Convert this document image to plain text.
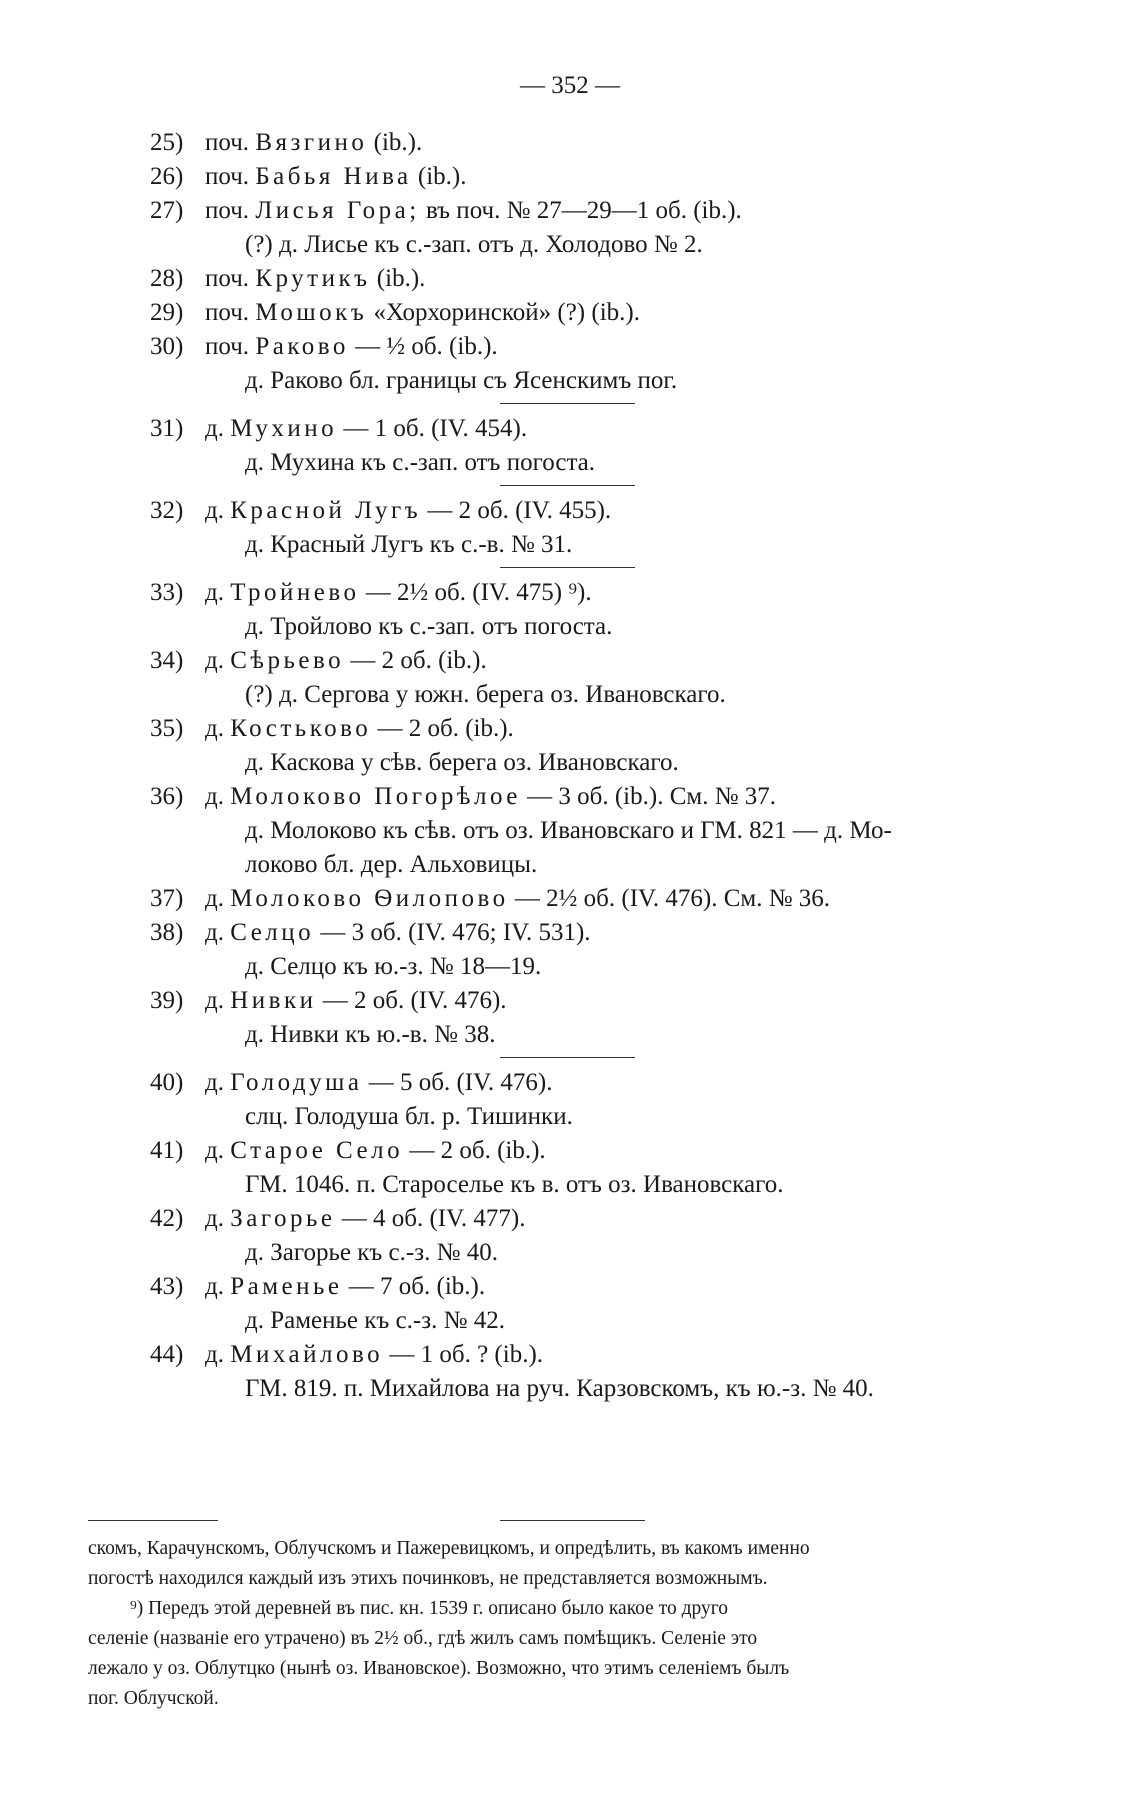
— 352 —
25) поч. Вязгино (ib.).
26) поч. Бабья Нива (ib.).
27) поч. Лисья Гора; въ поч. № 27—29—1 об. (ib.).
(?) д. Лисье къ с.-зап. отъ д. Холодово № 2.
28) поч. Крутикъ (ib.).
29) поч. Мошокъ «Хорхоринской» (?) (ib.).
30) поч. Раково — ½ об. (ib.).
д. Раково бл. границы съ Ясенскимъ пог.
31) д. Мухино — 1 об. (IV. 454).
д. Мухина къ с.-зап. отъ погоста.
32) д. Красной Лугъ — 2 об. (IV. 455).
д. Красный Лугъ къ с.-в. № 31.
33) д. Тройнево — 2½ об. (IV. 475) ⁹).
д. Тройлово къ с.-зап. отъ погоста.
34) д. Сѣрьево — 2 об. (ib.).
(?) д. Сергова у южн. берега оз. Ивановскаго.
35) д. Костьково — 2 об. (ib.).
д. Каскова у сѣв. берега оз. Ивановскаго.
36) д. Молоково Погорѣлое — 3 об. (ib.). См. № 37.
д. Молоково къ сѣв. отъ оз. Ивановскаго и ГМ. 821 — д. Мо-
локово бл. дер. Альховицы.
37) д. Молоково Ѳилопово — 2½ об. (IV. 476). См. № 36.
38) д. Селцо — 3 об. (IV. 476; IV. 531).
д. Селцо къ ю.-з. № 18—19.
39) д. Нивки — 2 об. (IV. 476).
д. Нивки къ ю.-в. № 38.
40) д. Голодуша — 5 об. (IV. 476).
слц. Голодуша бл. р. Тишинки.
41) д. Старое Село — 2 об. (ib.).
ГМ. 1046. п. Староселье къ в. отъ оз. Ивановскаго.
42) д. Загорье — 4 об. (IV. 477).
д. Загорье къ с.-з. № 40.
43) д. Раменье — 7 об. (ib.).
д. Раменье къ с.-з. № 42.
44) д. Михайлово — 1 об. ? (ib.).
ГМ. 819. п. Михайлова на руч. Карзовскомъ, къ ю.-з. № 40.
скомъ, Карачунскомъ, Облучскомъ и Пажеревицкомъ, и опредѣлить, въ какомъ именно
погостѣ находился каждый изъ этихъ починковъ, не представляется возможнымъ.
⁹) Передъ этой деревней въ пис. кн. 1539 г. описано было какое то друго
селеніе (названіе его утрачено) въ 2½ об., гдѣ жилъ самъ помѣщикъ. Селеніе это
лежало у оз. Облутцко (нынѣ оз. Ивановское). Возможно, что этимъ селеніемъ былъ
пог. Облучской.
